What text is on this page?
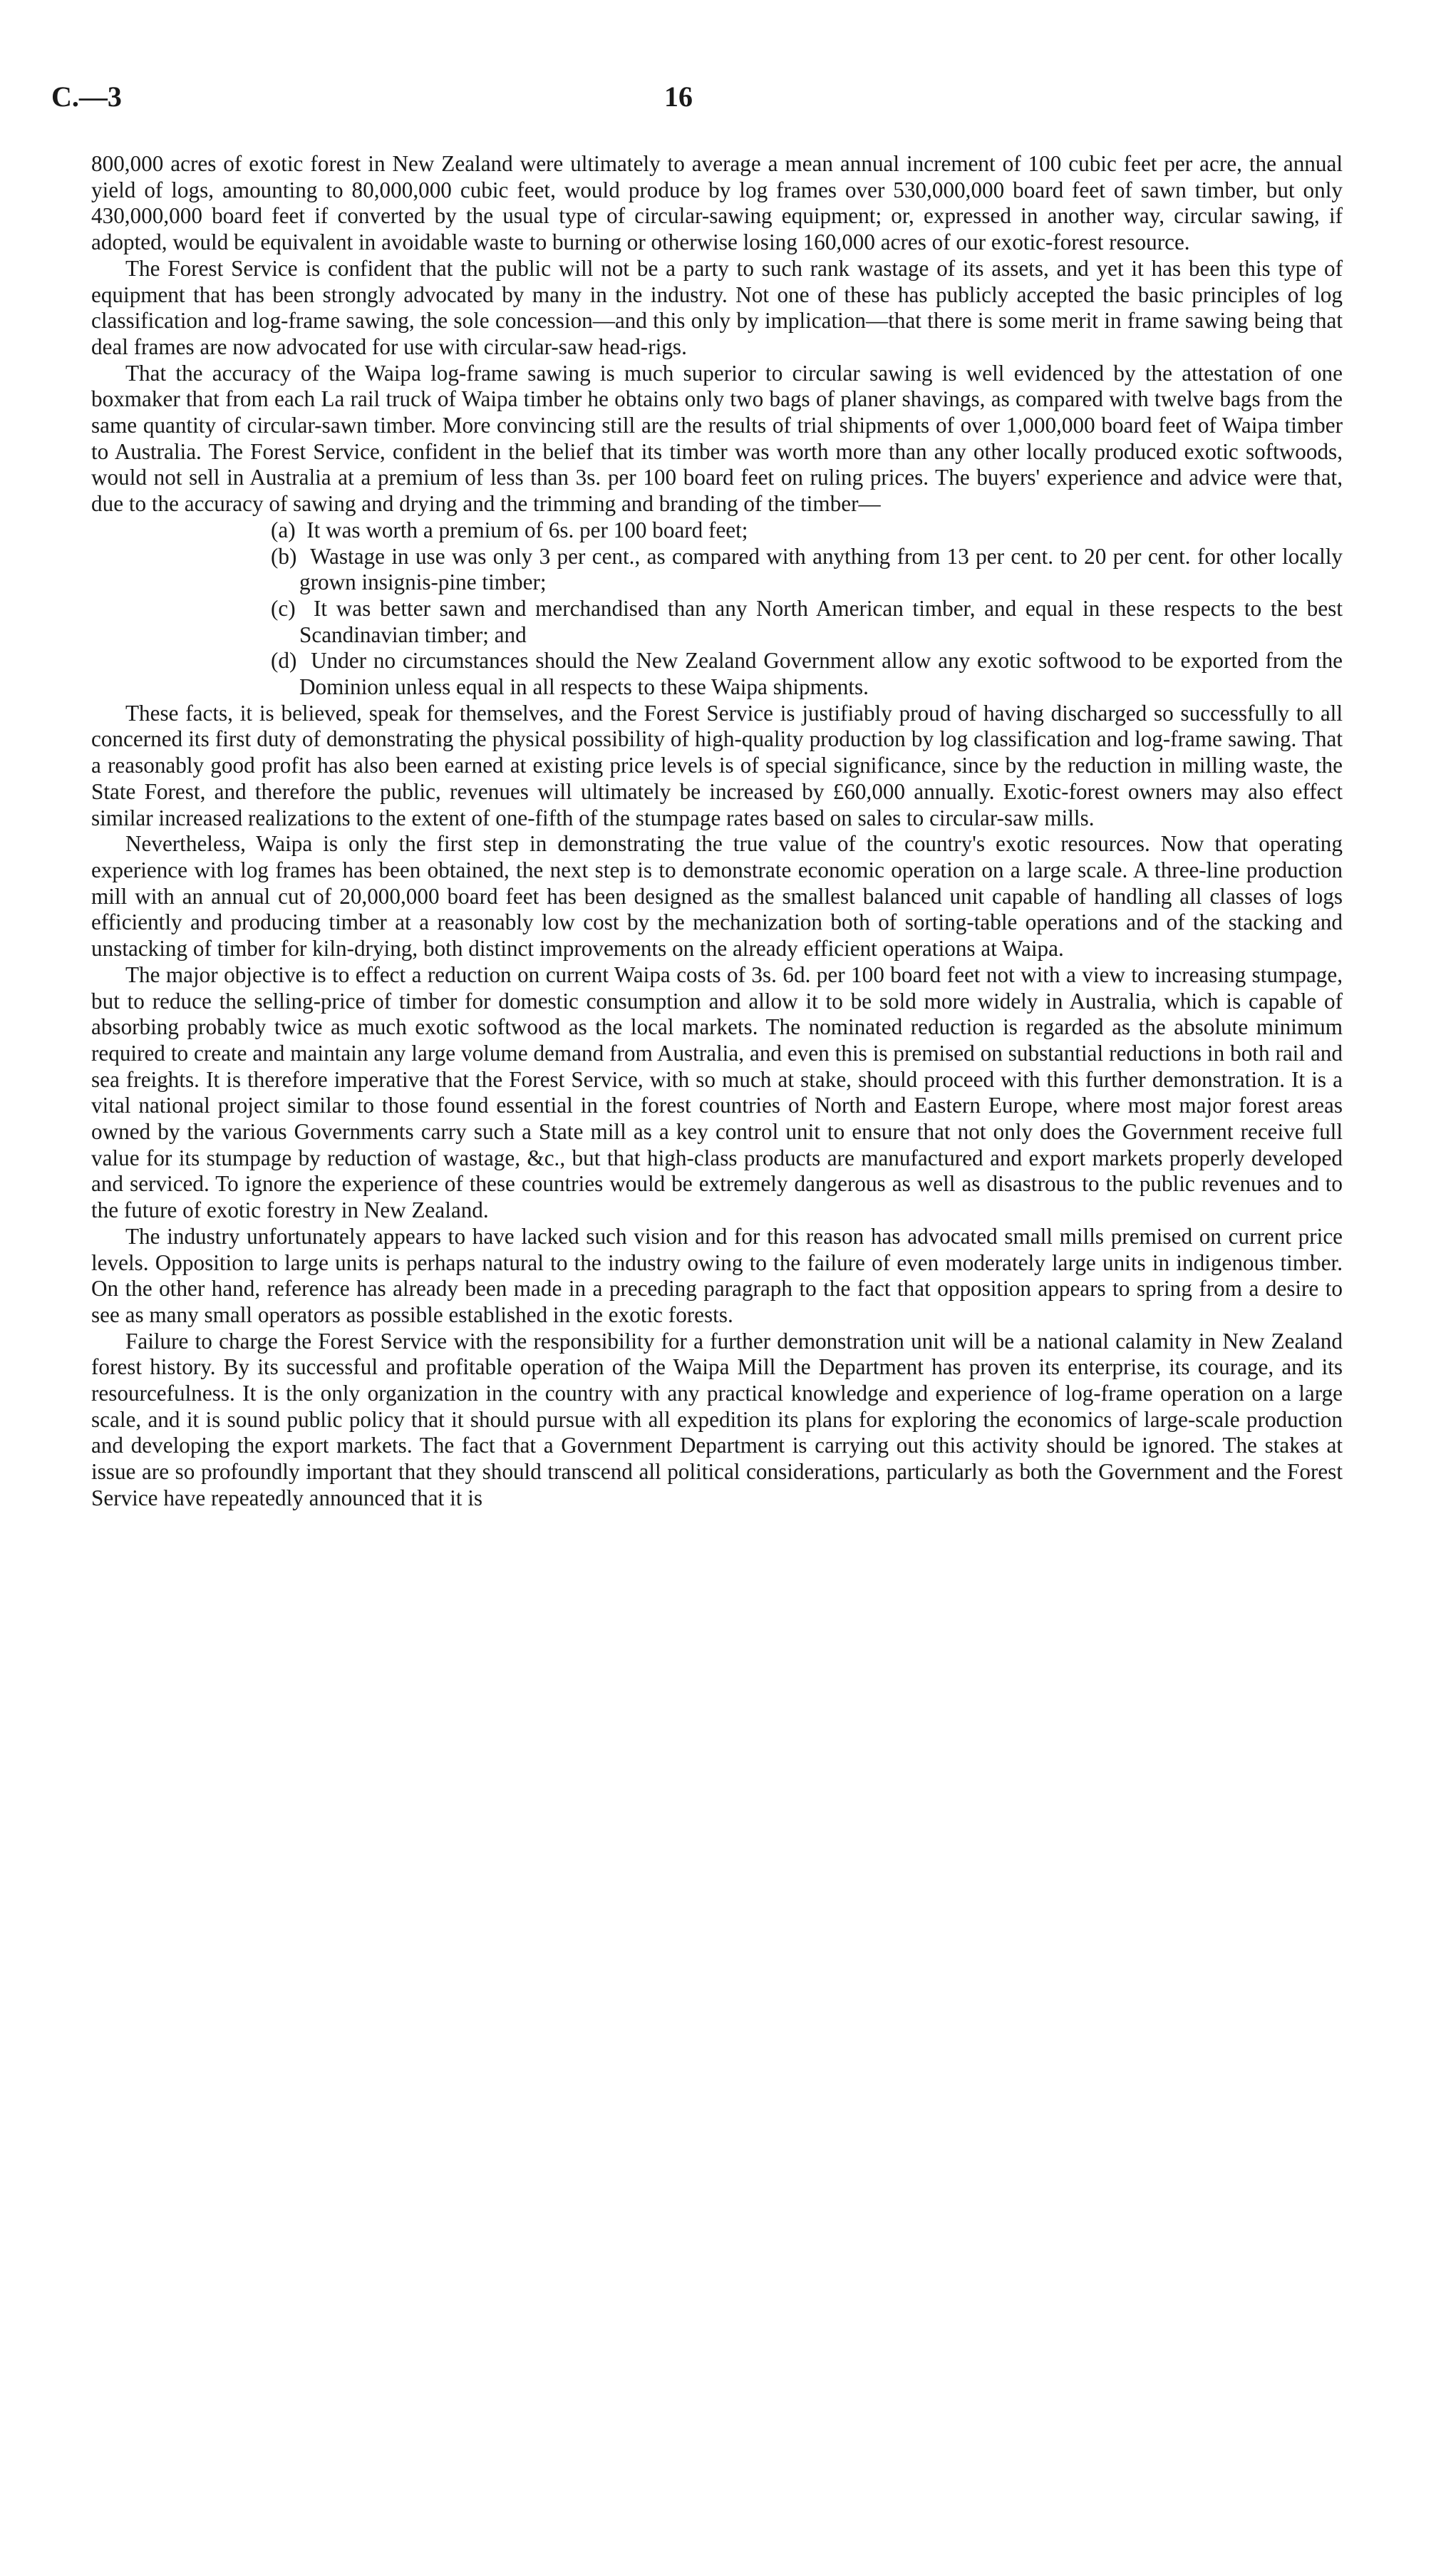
C.—3	16

800,000 acres of exotic forest in New Zealand were ultimately to average a mean annual increment of 100 cubic feet per acre, the annual yield of logs, amounting to 80,000,000 cubic feet, would produce by log frames over 530,000,000 board feet of sawn timber, but only 430,000,000 board feet if converted by the usual type of circular-sawing equipment; or, expressed in another way, circular sawing, if adopted, would be equivalent in avoidable waste to burning or otherwise losing 160,000 acres of our exotic-forest resource.

The Forest Service is confident that the public will not be a party to such rank wastage of its assets, and yet it has been this type of equipment that has been strongly advocated by many in the industry. Not one of these has publicly accepted the basic principles of log classification and log-frame sawing, the sole concession—and this only by implication—that there is some merit in frame sawing being that deal frames are now advocated for use with circular-saw head-rigs.

That the accuracy of the Waipa log-frame sawing is much superior to circular sawing is well evidenced by the attestation of one boxmaker that from each La rail truck of Waipa timber he obtains only two bags of planer shavings, as compared with twelve bags from the same quantity of circular-sawn timber. More convincing still are the results of trial shipments of over 1,000,000 board feet of Waipa timber to Australia. The Forest Service, confident in the belief that its timber was worth more than any other locally produced exotic softwoods, would not sell in Australia at a premium of less than 3s. per 100 board feet on ruling prices. The buyers' experience and advice were that, due to the accuracy of sawing and drying and the trimming and branding of the timber—

(a) It was worth a premium of 6s. per 100 board feet;
(b) Wastage in use was only 3 per cent., as compared with anything from 13 per cent. to 20 per cent. for other locally grown insignis-pine timber;
(c) It was better sawn and merchandised than any North American timber, and equal in these respects to the best Scandinavian timber; and
(d) Under no circumstances should the New Zealand Government allow any exotic softwood to be exported from the Dominion unless equal in all respects to these Waipa shipments.

These facts, it is believed, speak for themselves, and the Forest Service is justifiably proud of having discharged so successfully to all concerned its first duty of demonstrating the physical possibility of high-quality production by log classification and log-frame sawing. That a reasonably good profit has also been earned at existing price levels is of special significance, since by the reduction in milling waste, the State Forest, and therefore the public, revenues will ultimately be increased by £60,000 annually. Exotic-forest owners may also effect similar increased realizations to the extent of one-fifth of the stumpage rates based on sales to circular-saw mills.

Nevertheless, Waipa is only the first step in demonstrating the true value of the country's exotic resources. Now that operating experience with log frames has been obtained, the next step is to demonstrate economic operation on a large scale. A three-line production mill with an annual cut of 20,000,000 board feet has been designed as the smallest balanced unit capable of handling all classes of logs efficiently and producing timber at a reasonably low cost by the mechanization both of sorting-table operations and of the stacking and unstacking of timber for kiln-drying, both distinct improvements on the already efficient operations at Waipa.

The major objective is to effect a reduction on current Waipa costs of 3s. 6d. per 100 board feet not with a view to increasing stumpage, but to reduce the selling-price of timber for domestic consumption and allow it to be sold more widely in Australia, which is capable of absorbing probably twice as much exotic softwood as the local markets. The nominated reduction is regarded as the absolute minimum required to create and maintain any large volume demand from Australia, and even this is premised on substantial reductions in both rail and sea freights. It is therefore imperative that the Forest Service, with so much at stake, should proceed with this further demonstration. It is a vital national project similar to those found essential in the forest countries of North and Eastern Europe, where most major forest areas owned by the various Governments carry such a State mill as a key control unit to ensure that not only does the Government receive full value for its stumpage by reduction of wastage, &c., but that high-class products are manufactured and export markets properly developed and serviced. To ignore the experience of these countries would be extremely dangerous as well as disastrous to the public revenues and to the future of exotic forestry in New Zealand.

The industry unfortunately appears to have lacked such vision and for this reason has advocated small mills premised on current price levels. Opposition to large units is perhaps natural to the industry owing to the failure of even moderately large units in indigenous timber. On the other hand, reference has already been made in a preceding paragraph to the fact that opposition appears to spring from a desire to see as many small operators as possible established in the exotic forests.

Failure to charge the Forest Service with the responsibility for a further demonstration unit will be a national calamity in New Zealand forest history. By its successful and profitable operation of the Waipa Mill the Department has proven its enterprise, its courage, and its resourcefulness. It is the only organization in the country with any practical knowledge and experience of log-frame operation on a large scale, and it is sound public policy that it should pursue with all expedition its plans for exploring the economics of large-scale production and developing the export markets. The fact that a Government Department is carrying out this activity should be ignored. The stakes at issue are so profoundly important that they should transcend all political considerations, particularly as both the Government and the Forest Service have repeatedly announced that it is
